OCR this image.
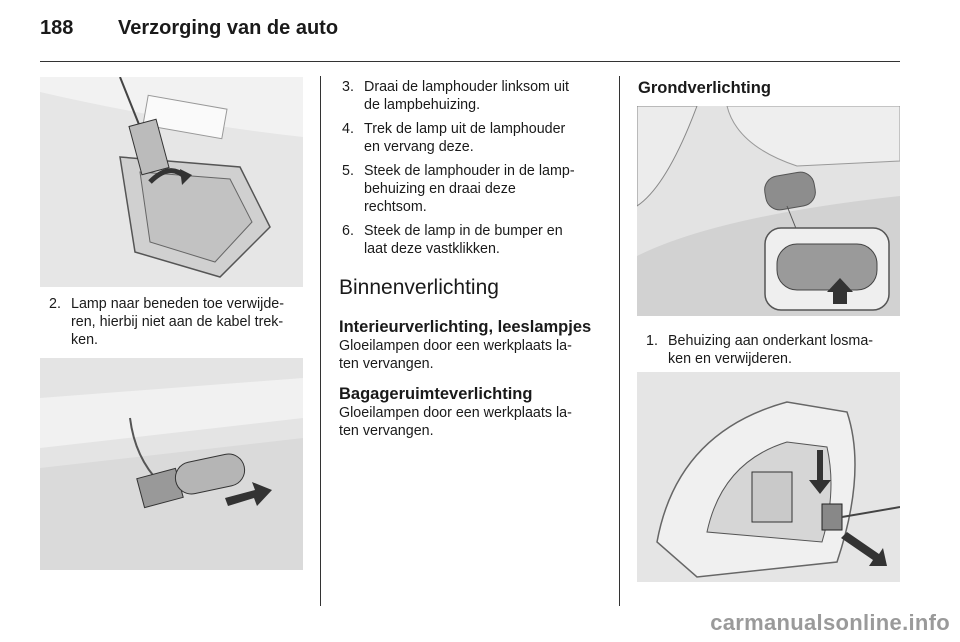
188 Verzorging van de auto
2. Lamp naar beneden toe verwijde-
ren, hierbij niet aan de kabel trek-
ken.
3. Draai de lamphouder linksom uit
de lampbehuizing.
4. Trek de lamp uit de lamphouder
en vervang deze.
5. Steek de lamphouder in de lamp-
behuizing en draai deze
rechtsom.
6. Steek de lamp in de bumper en
laat deze vastklikken.
Binnenverlichting
Interieurverlichting, leeslampjes
Gloeilampen door een werkplaats la-
ten vervangen.
Bagageruimteverlichting
Gloeilampen door een werkplaats la-
ten vervangen.
Grondverlichting
1. Behuizing aan onderkant losma-
ken en verwijderen.
carmanualsonline.info
